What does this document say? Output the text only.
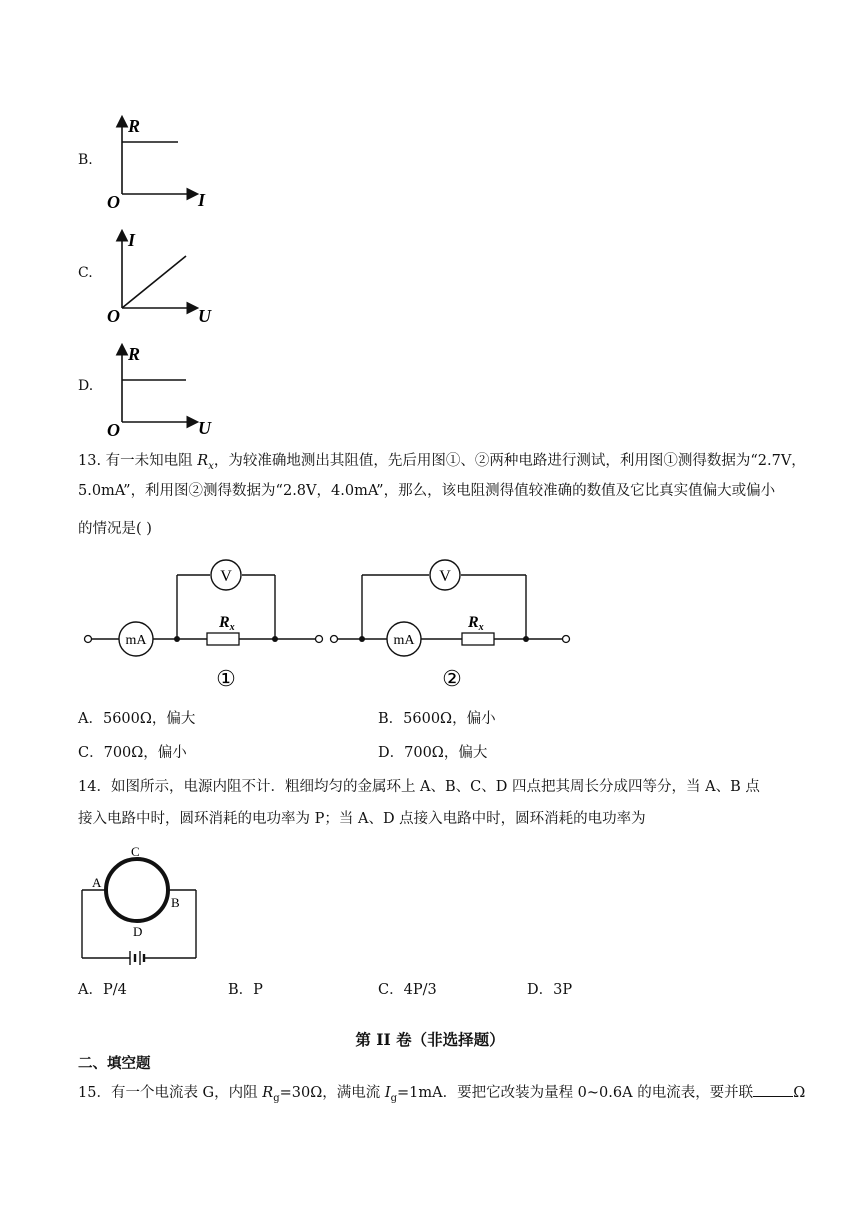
B.
R
O	I
C.
I
O	U
D.
R
O	U
13. 有一未知电阻 $R_x$，为较准确地测出其阻值，先后用图①、②两种电路进行测试，利用图①测得数据为“2.7V，
5.0mA”，利用图②测得数据为“2.8V，4.0mA”，那么，该电阻测得值较准确的数值及它比真实值偏大或偏小
的情况是( )
mA
Rx
V
①
mA
Rx
V
②
A．5600Ω，偏大	B．5600Ω，偏小
C．700Ω，偏小	D．700Ω，偏大
14．如图所示，电源内阻不计．粗细均匀的金属环上 A、B、C、D 四点把其周长分成四等分，当 A、B 点
接入电路中时，圆环消耗的电功率为 P；当 A、D 点接入电路中时，圆环消耗的电功率为
C
A
B
D
A．P/4	B．P	C．4P/3	D．3P
第 II 卷（非选择题）
二、填空题
15．有一个电流表 G，内阻 $R_g=30\Omega$，满电流 $I_g=1mA$．要把它改装为量程 0~0.6A 的电流表，要并联	Ω
